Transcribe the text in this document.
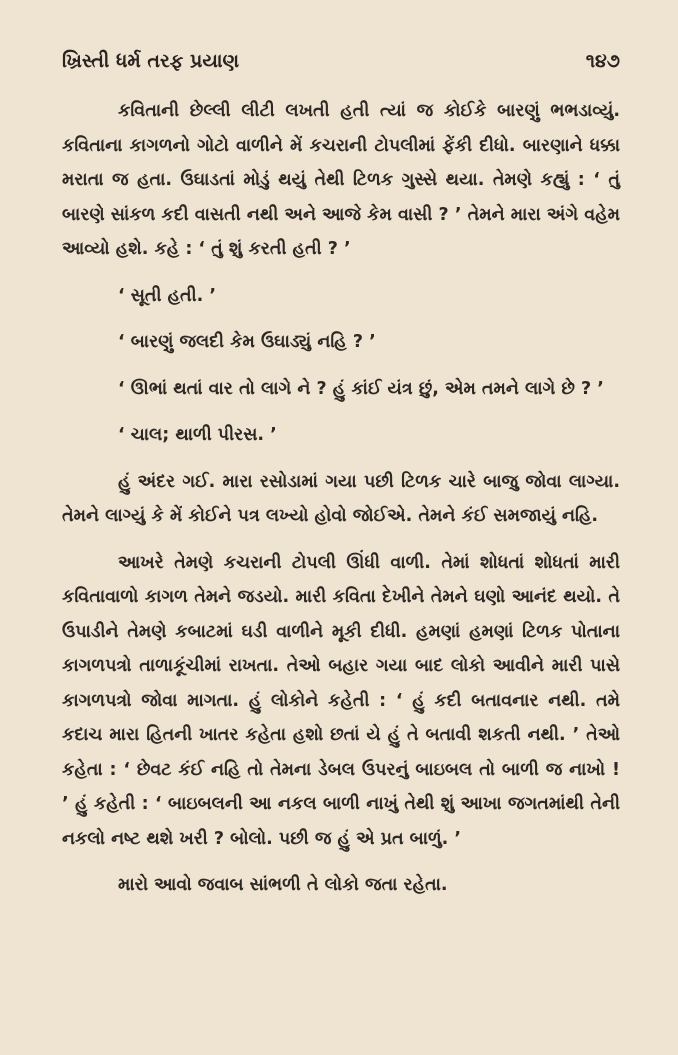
ખ્રિસ્તી ધર્મ તરફ પ્રયાણ	૧૪૭

કવિતાની છેલ્લી લીટી લખતી હતી ત્યાં જ કોઈકે બારણું ભભડાવ્યું. કવિતાના કાગળનો ગોટો વાળીને મેં કચરાની ટોપલીમાં ફેંકી દીધો. બારણાને ધક્કા મરાતા જ હતા. ઉઘાડતાં મોડું થયું તેથી ટિળક ગુસ્સે થયા. તેમણે કહ્યું : ‘ તું બારણે સાંકળ કદી વાસતી નથી અને આજે કેમ વાસી ? ’ તેમને મારા અંગે વહેમ આવ્યો હશે. કહે : ‘ તું શું કરતી હતી ? ’

‘ સૂતી હતી. ’

‘ બારણું જલદી કેમ ઉઘાડ્યું નહિ ? ’

‘ ઊભાં થતાં વાર તો લાગે ને ? હું કાંઈ યંત્ર છું, એમ તમને લાગે છે ? ’

‘ ચાલ; થાળી પીરસ. ’

હું અંદર ગઈ. મારા રસોડામાં ગયા પછી ટિળક ચારે બાજુ જોવા લાગ્યા. તેમને લાગ્યું કે મેં કોઈને પત્ર લખ્યો હોવો જોઈએ. તેમને કંઈ સમજાયું નહિ.

આખરે તેમણે કચરાની ટોપલી ઊંધી વાળી. તેમાં શોધતાં શોધતાં મારી કવિતાવાળો કાગળ તેમને જડયો. મારી કવિતા દેખીને તેમને ઘણો આનંદ થયો. તે ઉપાડીને તેમણે કબાટમાં ઘડી વાળીને મૂકી દીધી. હમણાં હમણાં ટિળક પોતાના કાગળપત્રો તાળાકૂંચીમાં રાખતા. તેઓ બહાર ગયા બાદ લોકો આવીને મારી પાસે કાગળપત્રો જોવા માગતા. હું લોકોને કહેતી : ‘ હું કદી બતાવનાર નથી. તમે કદાચ મારા હિતની ખાતર કહેતા હશો છતાં યે હું તે બતાવી શકતી નથી. ’ તેઓ કહેતા : ‘ છેવટ કંઈ નહિ તો તેમના ડેબલ ઉપરનું બાઇબલ તો બાળી જ નાખો ! ’ હું કહેતી : ‘ બાઇબલની આ નકલ બાળી નાખું તેથી શું આખા જગતમાંથી તેની નકલો નષ્ટ થશે ખરી ? બોલો. પછી જ હું એ પ્રત બાળું. ’

મારો આવો જવાબ સાંભળી તે લોકો જતા રહેતા.
